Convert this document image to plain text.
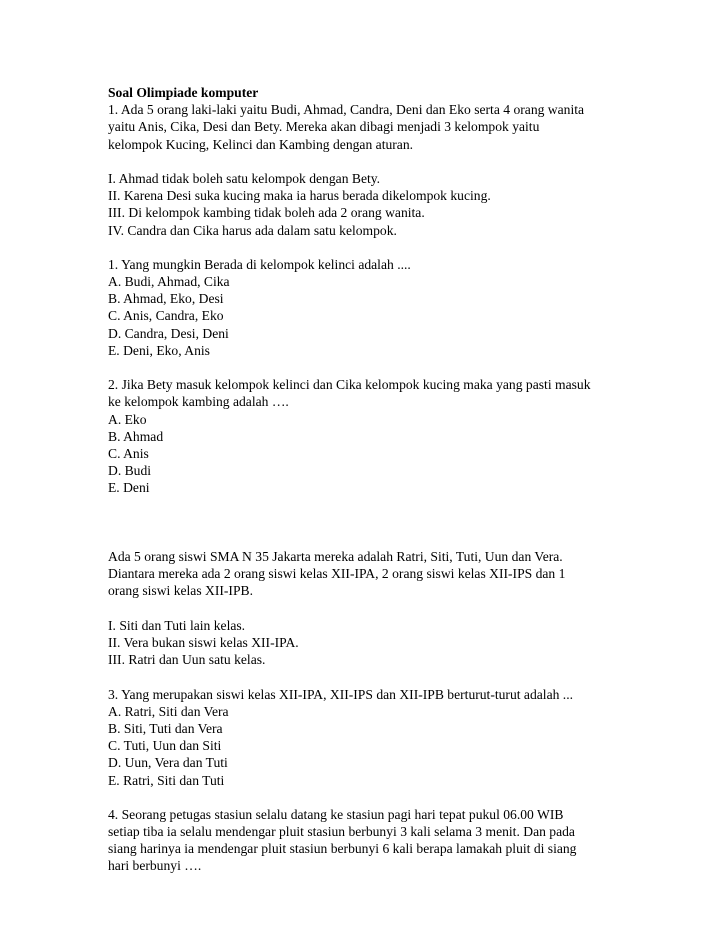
Soal Olimpiade komputer
1. Ada 5 orang laki-laki yaitu Budi, Ahmad, Candra, Deni dan Eko serta 4 orang wanita
yaitu Anis, Cika, Desi dan Bety. Mereka akan dibagi menjadi 3 kelompok yaitu
kelompok Kucing, Kelinci dan Kambing dengan aturan.
I. Ahmad tidak boleh satu kelompok dengan Bety.
II. Karena Desi suka kucing maka ia harus berada dikelompok kucing.
III. Di kelompok kambing tidak boleh ada 2 orang wanita.
IV. Candra dan Cika harus ada dalam satu kelompok.
1. Yang mungkin Berada di kelompok kelinci adalah ....
A. Budi, Ahmad, Cika
B. Ahmad, Eko, Desi
C. Anis, Candra, Eko
D. Candra, Desi, Deni
E. Deni, Eko, Anis
2. Jika Bety masuk kelompok kelinci dan Cika kelompok kucing maka yang pasti masuk
ke kelompok kambing adalah ….
A. Eko
B. Ahmad
C. Anis
D. Budi
E. Deni
Ada 5 orang siswi SMA N 35 Jakarta mereka adalah Ratri, Siti, Tuti, Uun dan Vera.
Diantara mereka ada 2 orang siswi kelas XII-IPA, 2 orang siswi kelas XII-IPS dan 1
orang siswi kelas XII-IPB.
I. Siti dan Tuti lain kelas.
II. Vera bukan siswi kelas XII-IPA.
III. Ratri dan Uun satu kelas.
3. Yang merupakan siswi kelas XII-IPA, XII-IPS dan XII-IPB berturut-turut adalah ...
A. Ratri, Siti dan Vera
B. Siti, Tuti dan Vera
C. Tuti, Uun dan Siti
D. Uun, Vera dan Tuti
E. Ratri, Siti dan Tuti
4. Seorang petugas stasiun selalu datang ke stasiun pagi hari tepat pukul 06.00 WIB
setiap tiba ia selalu mendengar pluit stasiun berbunyi 3 kali selama 3 menit. Dan pada
siang harinya ia mendengar pluit stasiun berbunyi 6 kali berapa lamakah pluit di siang
hari berbunyi ….
